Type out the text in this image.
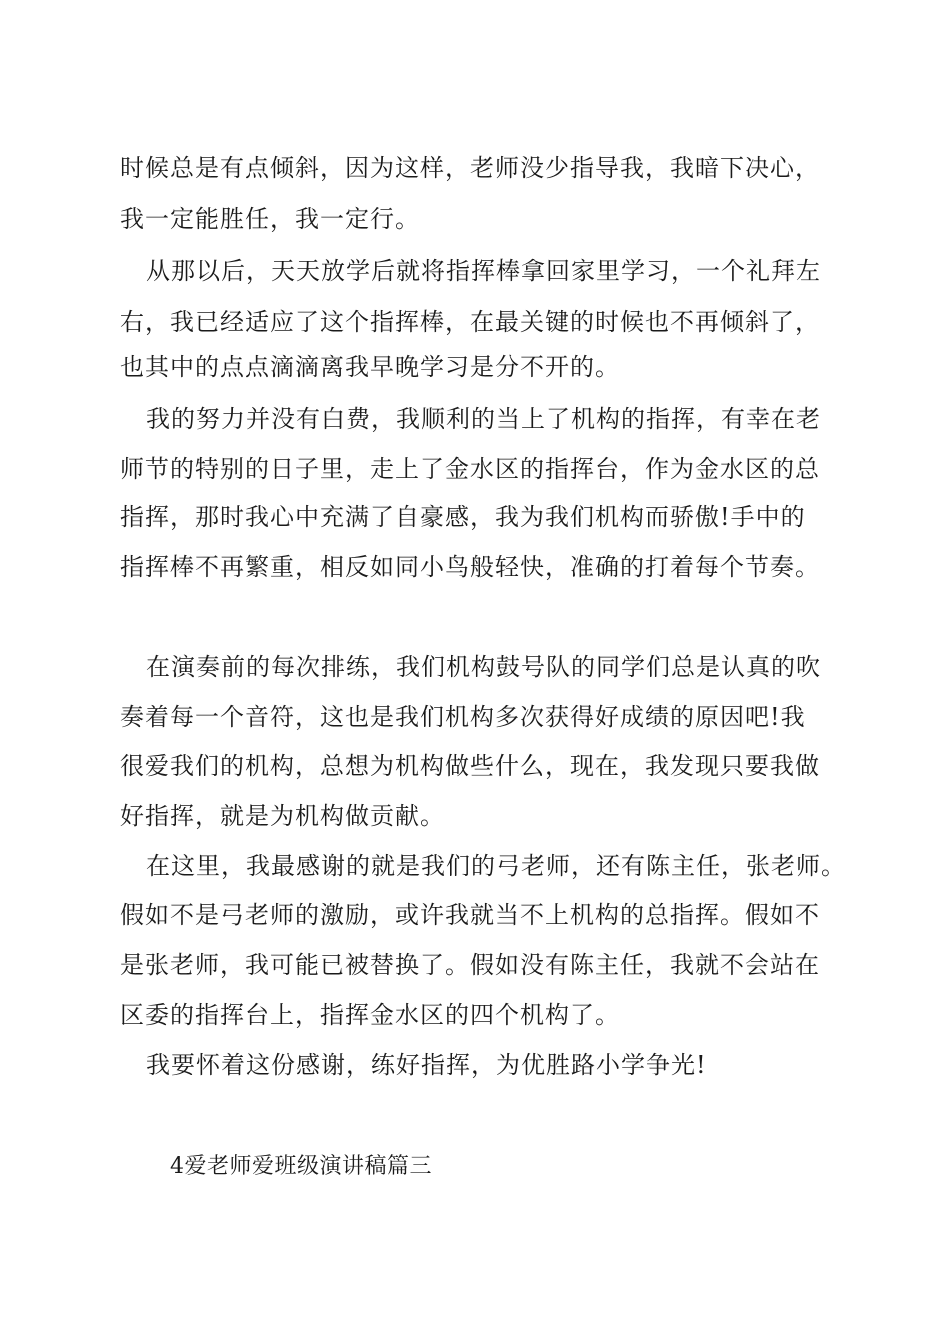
时候总是有点倾斜，因为这样，老师没少指导我，我暗下决心，
我一定能胜任，我一定行。
从那以后，天天放学后就将指挥棒拿回家里学习，一个礼拜左
右，我已经适应了这个指挥棒，在最关键的时候也不再倾斜了，
也其中的点点滴滴离我早晚学习是分不开的。
我的努力并没有白费，我顺利的当上了机构的指挥，有幸在老
师节的特别的日子里，走上了金水区的指挥台，作为金水区的总
指挥，那时我心中充满了自豪感，我为我们机构而骄傲!手中的
指挥棒不再繁重，相反如同小鸟般轻快，准确的打着每个节奏。
在演奏前的每次排练，我们机构鼓号队的同学们总是认真的吹
奏着每一个音符，这也是我们机构多次获得好成绩的原因吧!我
很爱我们的机构，总想为机构做些什么，现在，我发现只要我做
好指挥，就是为机构做贡献。
在这里，我最感谢的就是我们的弓老师，还有陈主任，张老师。
假如不是弓老师的激励，或许我就当不上机构的总指挥。假如不
是张老师，我可能已被替换了。假如没有陈主任，我就不会站在
区委的指挥台上，指挥金水区的四个机构了。
我要怀着这份感谢，练好指挥，为优胜路小学争光!
4爱老师爱班级演讲稿篇三
